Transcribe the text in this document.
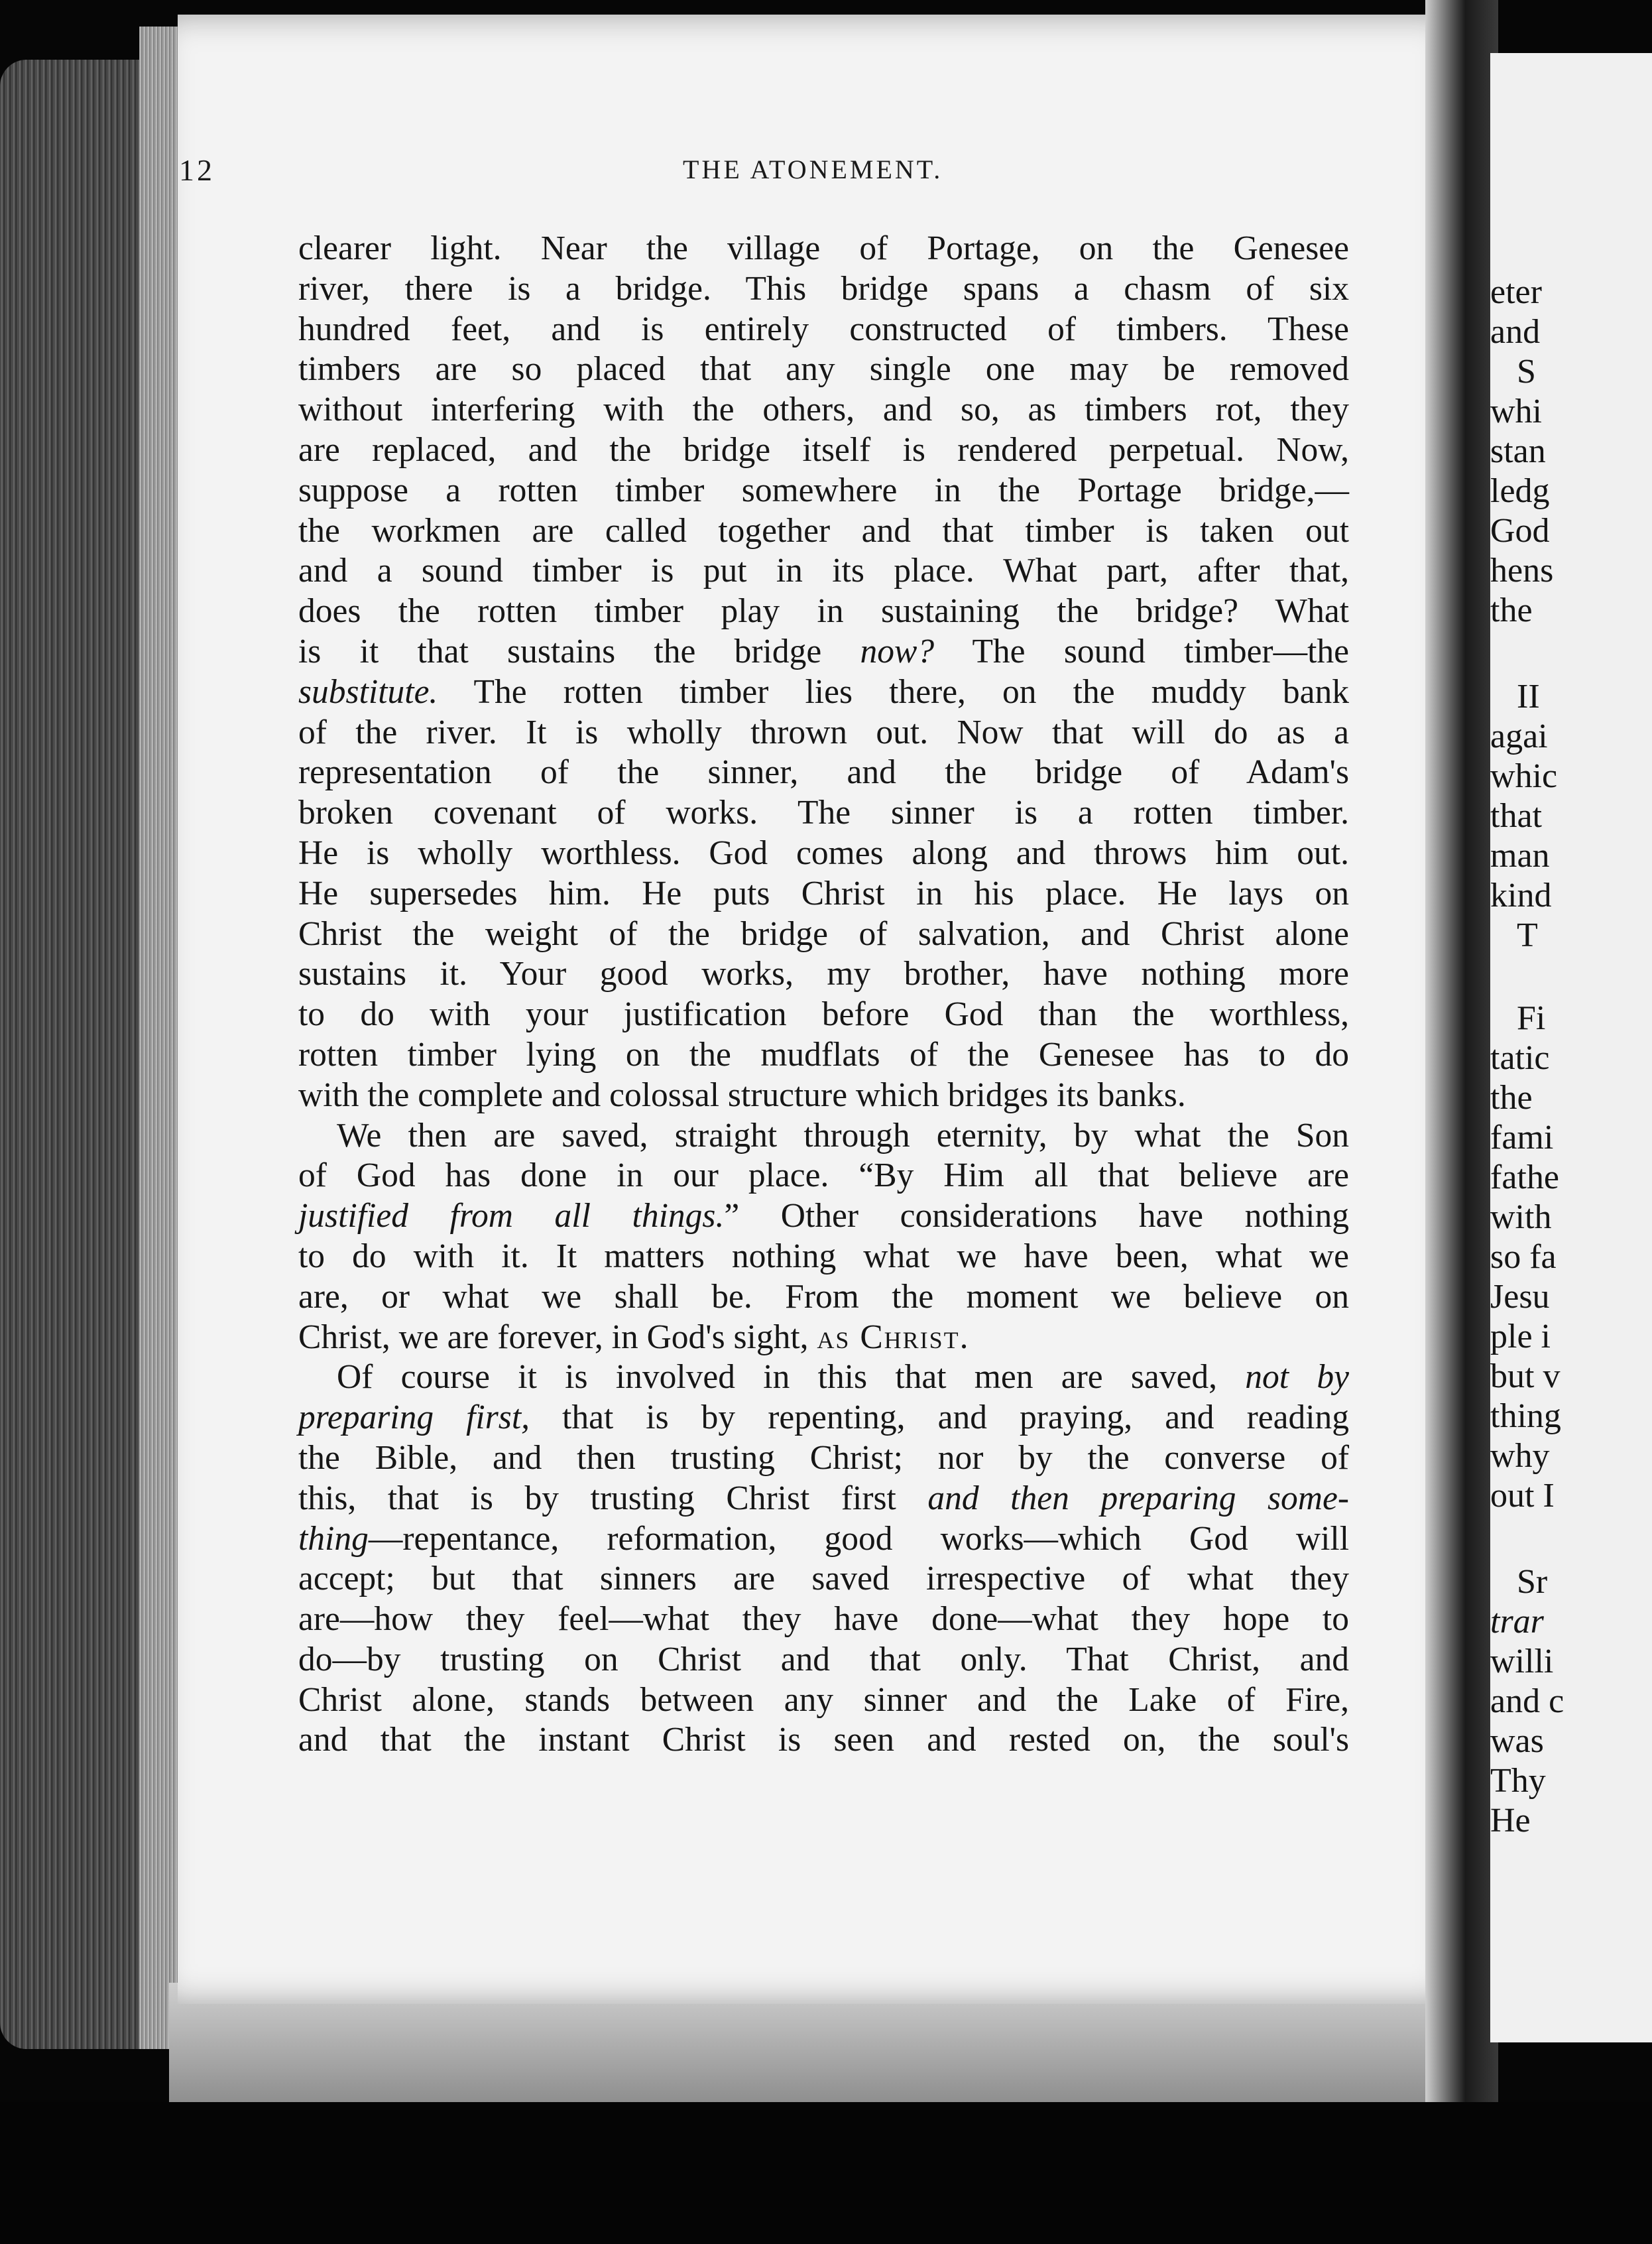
12	THE ATONEMENT.
clearer light. Near the village of Portage, on the Genesee
river, there is a bridge. This bridge spans a chasm of six
hundred feet, and is entirely constructed of timbers. These
timbers are so placed that any single one may be removed
without interfering with the others, and so, as timbers rot, they
are replaced, and the bridge itself is rendered perpetual. Now,
suppose a rotten timber somewhere in the Portage bridge,—
the workmen are called together and that timber is taken out
and a sound timber is put in its place. What part, after that,
does the rotten timber play in sustaining the bridge? What
is it that sustains the bridge now? The sound timber—the
substitute. The rotten timber lies there, on the muddy bank
of the river. It is wholly thrown out. Now that will do as a
representation of the sinner, and the bridge of Adam's
broken covenant of works. The sinner is a rotten timber.
He is wholly worthless. God comes along and throws him out.
He supersedes him. He puts Christ in his place. He lays on
Christ the weight of the bridge of salvation, and Christ alone
sustains it. Your good works, my brother, have nothing more
to do with your justification before God than the worthless,
rotten timber lying on the mudflats of the Genesee has to do
with the complete and colossal structure which bridges its banks.
We then are saved, straight through eternity, by what the Son
of God has done in our place. “By Him all that believe are
justified from all things.” Other considerations have nothing
to do with it. It matters nothing what we have been, what we
are, or what we shall be. From the moment we believe on
Christ, we are forever, in God's sight, as Christ.
Of course it is involved in this that men are saved, not by
preparing first, that is by repenting, and praying, and reading
the Bible, and then trusting Christ; nor by the converse of
this, that is by trusting Christ first and then preparing some-
thing—repentance, reformation, good works—which God will
accept; but that sinners are saved irrespective of what they
are—how they feel—what they have done—what they hope to
do—by trusting on Christ and that only. That Christ, and
Christ alone, stands between any sinner and the Lake of Fire,
and that the instant Christ is seen and rested on, the soul's
eter
and
S
whi
stan
ledg
God
hens
the
II
agai
whic
that
man
kind
T
Fi
tatic
the
fami
fathe
with
so fa
Jesu
ple i
but v
thing
why
out I
Sr
trar
willi
and c
was
Thy
He
